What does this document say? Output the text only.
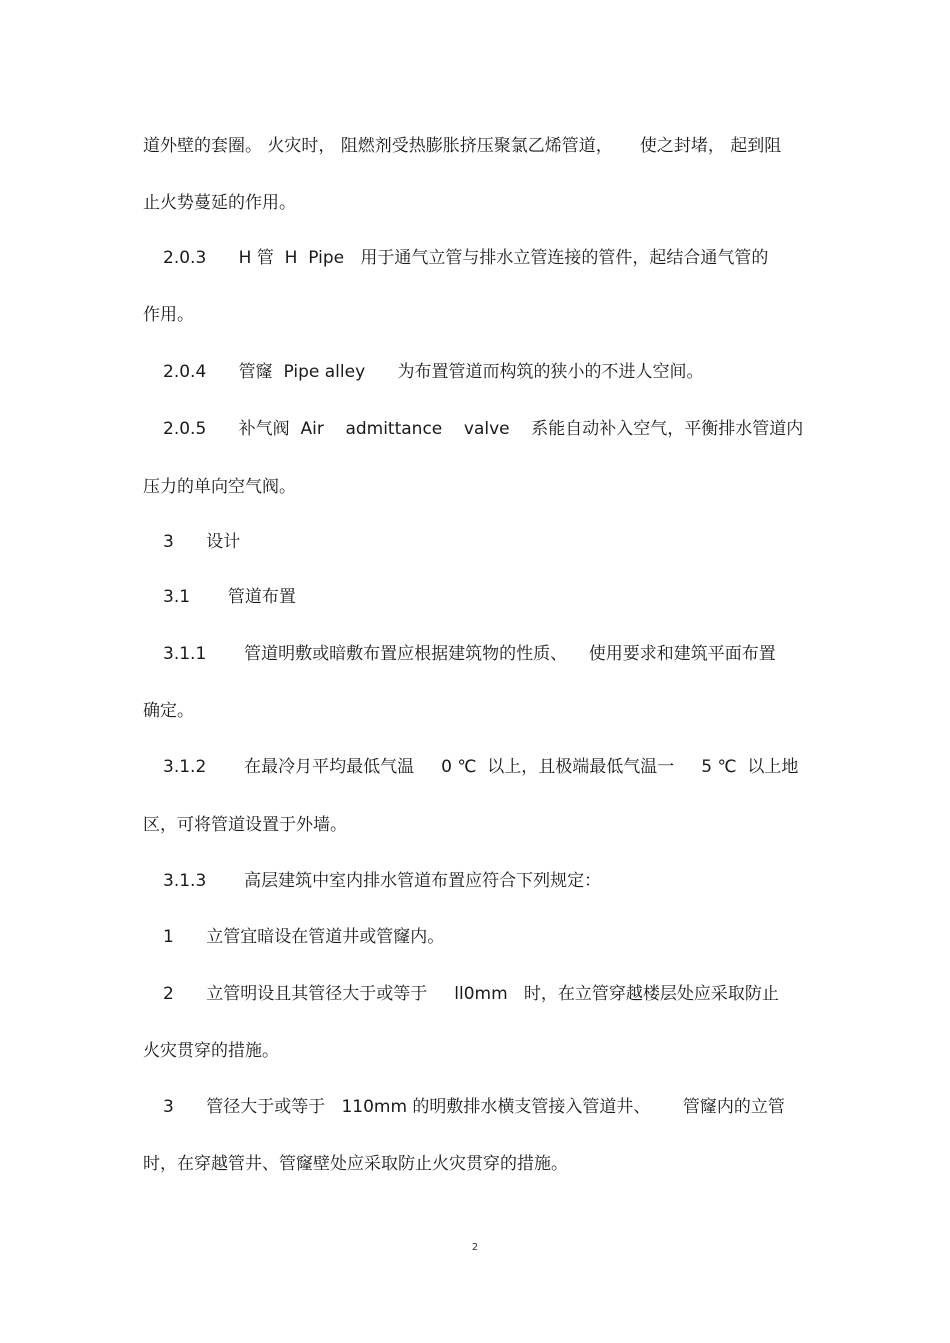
道外壁的套圈。 火灾时， 阻燃剂受热膨胀挤压聚氯乙烯管道，     使之封堵， 起到阻
止火势蔓延的作用。
2.0.3      H 管  H  Pipe   用于通气立管与排水立管连接的管件，起结合通气管的
作用。
2.0.4      管窿  Pipe alley      为布置管道而构筑的狭小的不进人空间。
2.0.5      补气阀  Air    admittance    valve    系能自动补入空气，平衡排水管道内
压力的单向空气阀。
3      设计
3.1       管道布置
3.1.1       管道明敷或暗敷布置应根据建筑物的性质、    使用要求和建筑平面布置
确定。
3.1.2       在最冷月平均最低气温     0 ℃  以上，且极端最低气温一     5 ℃  以上地
区，可将管道设置于外墙。
3.1.3       高层建筑中室内排水管道布置应符合下列规定：
1      立管宜暗设在管道井或管窿内。
2      立管明设且其管径大于或等于     ll0mm   时，在立管穿越楼层处应采取防止
火灾贯穿的措施。
3      管径大于或等于   110mm 的明敷排水横支管接入管道井、      管窿内的立管
时，在穿越管井、管窿壁处应采取防止火灾贯穿的措施。
2
